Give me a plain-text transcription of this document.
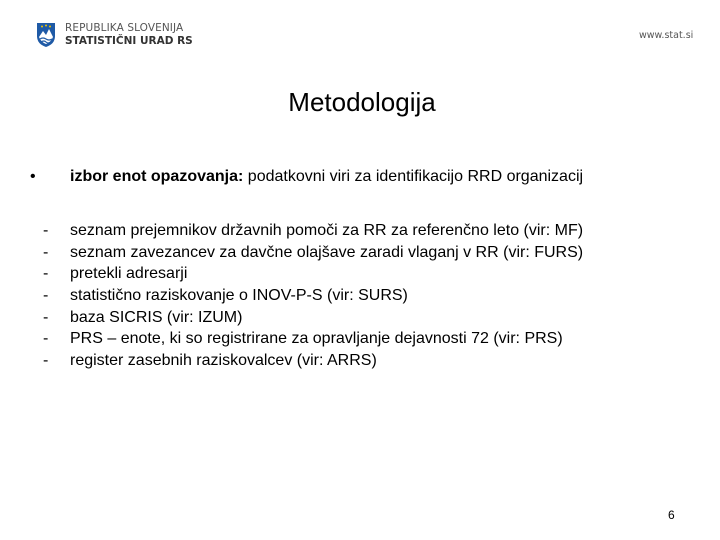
REPUBLIKA SLOVENIJA
STATISTIČNI URAD RS	www.stat.si
Metodologija
•	izbor enot opazovanja: podatkovni viri za identifikacijo RRD organizacij
-	seznam prejemnikov državnih pomoči za RR za referenčno leto (vir: MF)
-	seznam zavezancev za davčne olajšave zaradi vlaganj v RR (vir: FURS)
-	pretekli adresarji
-	statistično raziskovanje o INOV-P-S (vir: SURS)
-	baza SICRIS (vir: IZUM)
-	PRS – enote, ki so registrirane za opravljanje dejavnosti 72 (vir: PRS)
-	register zasebnih raziskovalcev (vir: ARRS)
6
